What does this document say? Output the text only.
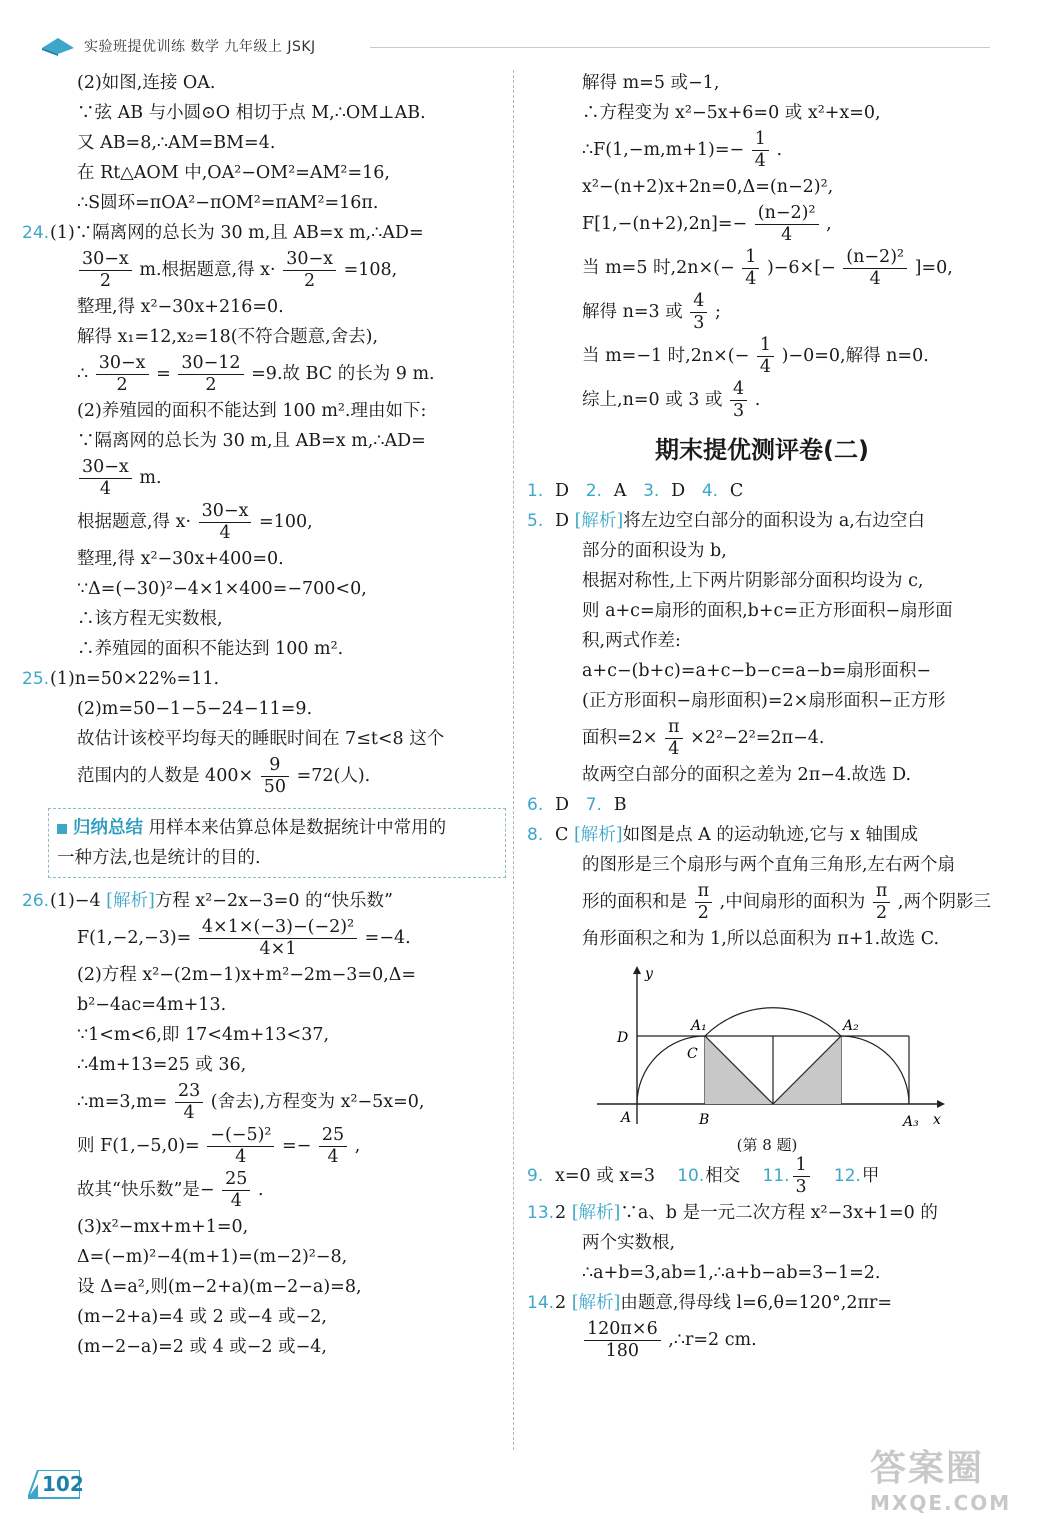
实验班提优训练 数学 九年级上 JSKJ
(2)如图,连接 OA.
∵弦 AB 与小圆⊙O 相切于点 M,∴OM⊥AB.
又 AB=8,∴AM=BM=4.
在 Rt△AOM 中,OA²−OM²=AM²=16,
∴S圆环=πOA²−πOM²=πAM²=16π.
24.(1)∵隔离网的总长为 30 m,且 AB=x m,∴AD=
$\frac{30-x}{2} m$.根据题意,得 $x\cdot \frac{30-x}{2} =108$,
整理,得 x²−30x+216=0.
解得 x₁=12,x₂=18(不符合题意,舍去),
∴ $\frac{30-x}{2} = \frac{30-12}{2} =9$.故 BC 的长为 9 m.
(2)养殖园的面积不能达到 100 m².理由如下:
∵隔离网的总长为 30 m,且 AB=x m,∴AD=
$\frac{30-x}{4} m$.
根据题意,得 $x\cdot \frac{30-x}{4} =100$,
整理,得 x²−30x+400=0.
∵Δ=(−30)²−4×1×400=−700<0,
∴该方程无实数根,
∴养殖园的面积不能达到 100 m².
25.(1)n=50×22%=11.
(2)m=50−1−5−24−11=9.
故估计该校平均每天的睡眠时间在 7≤t<8 这个
范围内的人数是 $400\times \frac{9}{50} =72$(人).
归纳总结 用样本来估算总体是数据统计中常用的
一种方法,也是统计的目的.
26.(1)−4 [解析]方程 x²−2x−3=0 的“快乐数”
$F(1,-2,-3)= \frac{\text{4×1×(−3)−(−2)²}}{4\times 1} =-4$.
(2)方程 x²−(2m−1)x+m²−2m−3=0,Δ=
b²−4ac=4m+13.
∵1<m<6,即 17<4m+13<37,
∴4m+13=25 或 36,
∴m=3,m= $\frac{23}{4}$ (舍去),方程变为 x²−5x=0,
则 $F(1,-5,0)= \frac{\text{−(−5)²}}{4} =- \frac{25}{4}$ ,
故其“快乐数”是− $\frac{25}{4}$ .
(3)x²−mx+m+1=0,
Δ=(−m)²−4(m+1)=(m−2)²−8,
设 Δ=a²,则(m−2+a)(m−2−a)=8,
(m−2+a)=4 或 2 或−4 或−2,
(m−2−a)=2 或 4 或−2 或−4,
解得 m=5 或−1,
∴方程变为 x²−5x+6=0 或 x²+x=0,
∴F(1,−m,m+1)=− $\frac{1}{4}$ .
x²−(n+2)x+2n=0,Δ=(n−2)²,
$F[1,-(n+2),2n]=- \frac{\text{(n−2)²}}{4}$ ,
当 m=5 时$,2n\times(- \frac{1}{4} )-6\times[- \frac{\text{(n−2)²}}{4} ]=0$,
解得 n=3 或 $\frac{4}{3}$ ;
当 m=−1 时$,2n\times(- \frac{1}{4} )-0=0$,解得 n=0.
综上,n=0 或 3 或 $\frac{4}{3}$ .
期末提优测评卷(二)
1. D 2. A 3. D 4. C
5. D [解析]将左边空白部分的面积设为 a,右边空白
部分的面积设为 b,
根据对称性,上下两片阴影部分面积均设为 c,
则 a+c=扇形的面积,b+c=正方形面积−扇形面
积,两式作差:
a+c−(b+c)=a+c−b−c=a−b=扇形面积−
(正方形面积−扇形面积)=2×扇形面积−正方形
面积$=2\times \frac{\pi}{4} \times 2^2-2^2=2\pi-4$.
故两空白部分的面积之差为 2π−4.故选 D.
6. D 7. B
8. C [解析]如图是点 A 的运动轨迹,它与 x 轴围成
的图形是三个扇形与两个直角三角形,左右两个扇
形的面积和是 $\frac{\pi}{2}$ ,中间扇形的面积为 $\frac{\pi}{2}$ ,两个阴影三
角形面积之和为 1,所以总面积为 π+1.故选 C.
y
x
D
A₁
C
A₂
A	B	A₃
(第 8 题)
9. x=0 或 x=3 10.相交 11. $\frac{1}{3} 12$.甲
13.2 [解析]∵a、b 是一元二次方程 x²−3x+1=0 的
两个实数根,
∴a+b=3,ab=1,∴a+b−ab=3−1=2.
14.2 [解析]由题意,得母线 l=6,θ=120°,2πr=
$\frac{120\pi\times 6}{180}$ ,∴r=2 cm.
102	答案圈
MXQE.COM
